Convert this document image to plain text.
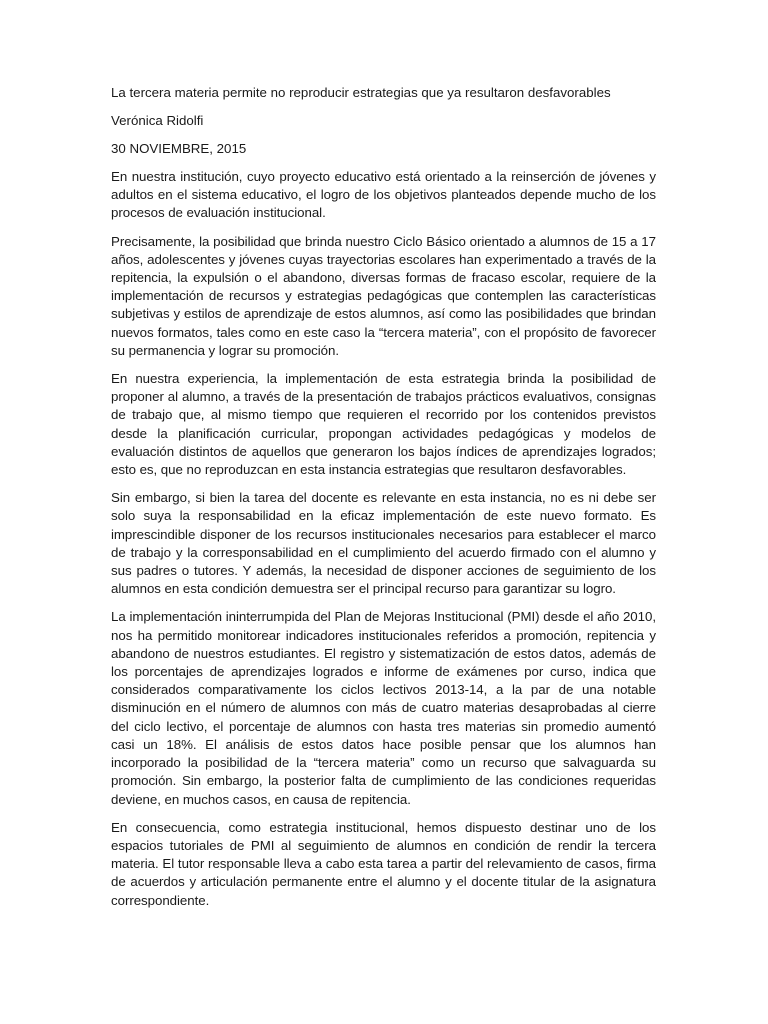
La tercera materia permite no reproducir estrategias que ya resultaron desfavorables

Verónica Ridolfi

30 NOVIEMBRE, 2015

En nuestra institución, cuyo proyecto educativo está orientado a la reinserción de jóvenes y adultos en el sistema educativo, el logro de los objetivos planteados depende mucho de los procesos de evaluación institucional.

Precisamente, la posibilidad que brinda nuestro Ciclo Básico orientado a alumnos de 15 a 17 años, adolescentes y jóvenes cuyas trayectorias escolares han experimentado a través de la repitencia, la expulsión o el abandono, diversas formas de fracaso escolar, requiere de la implementación de recursos y estrategias pedagógicas que contemplen las características subjetivas y estilos de aprendizaje de estos alumnos, así como las posibilidades que brindan nuevos formatos, tales como en este caso la “tercera materia”, con el propósito de favorecer su permanencia y lograr su promoción.

En nuestra experiencia, la implementación de esta estrategia brinda la posibilidad de proponer al alumno, a través de la presentación de trabajos prácticos evaluativos, consignas de trabajo que, al mismo tiempo que requieren el recorrido por los contenidos previstos desde la planificación curricular, propongan actividades pedagógicas y modelos de evaluación distintos de aquellos que generaron los bajos índices de aprendizajes logrados; esto es, que no reproduzcan en esta instancia estrategias que resultaron desfavorables.

Sin embargo, si bien la tarea del docente es relevante en esta instancia, no es ni debe ser solo suya la responsabilidad en la eficaz implementación de este nuevo formato. Es imprescindible disponer de los recursos institucionales necesarios para establecer el marco de trabajo y la corresponsabilidad en el cumplimiento del acuerdo firmado con el alumno y sus padres o tutores. Y además, la necesidad de disponer acciones de seguimiento de los alumnos en esta condición demuestra ser el principal recurso para garantizar su logro.

La implementación ininterrumpida del Plan de Mejoras Institucional (PMI) desde el año 2010, nos ha permitido monitorear indicadores institucionales referidos a promoción, repitencia y abandono de nuestros estudiantes. El registro y sistematización de estos datos, además de los porcentajes de aprendizajes logrados e informe de exámenes por curso, indica que considerados comparativamente los ciclos lectivos 2013-14, a la par de una notable disminución en el número de alumnos con más de cuatro materias desaprobadas al cierre del ciclo lectivo, el porcentaje de alumnos con hasta tres materias sin promedio aumentó casi un 18%. El análisis de estos datos hace posible pensar que los alumnos han incorporado la posibilidad de la “tercera materia” como un recurso que salvaguarda su promoción. Sin embargo, la posterior falta de cumplimiento de las condiciones requeridas deviene, en muchos casos, en causa de repitencia.

En consecuencia, como estrategia institucional, hemos dispuesto destinar uno de los espacios tutoriales de PMI al seguimiento de alumnos en condición de rendir la tercera materia. El tutor responsable lleva a cabo esta tarea a partir del relevamiento de casos, firma de acuerdos y articulación permanente entre el alumno y el docente titular de la asignatura correspondiente.
